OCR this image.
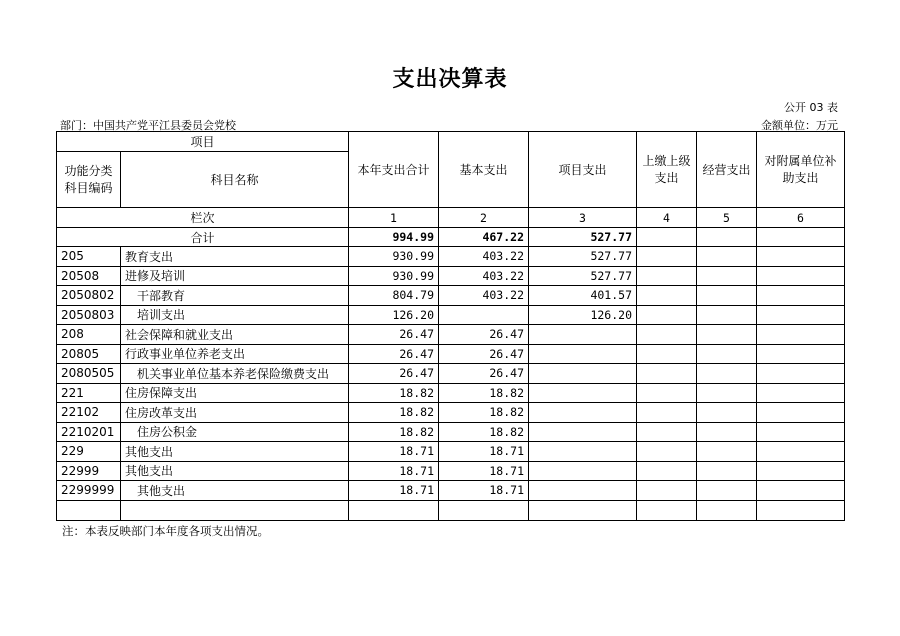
支出决算表
公开 03 表
部门：中国共产党平江县委员会党校	金额单位：万元
项目		本年支出合计	基本支出	项目支出	上缴上级支出	经营支出	对附属单位补助支出
功能分类科目编码	科目名称						
栏次		1	2	3	4	5	6
合计		994.99	467.22	527.77			
205	教育支出	930.99	403.22	527.77			
20508	进修及培训	930.99	403.22	527.77			
2050802	干部教育	804.79	403.22	401.57			
2050803	培训支出	126.20		126.20			
208	社会保障和就业支出	26.47	26.47				
20805	行政事业单位养老支出	26.47	26.47				
2080505	机关事业单位基本养老保险缴费支出	26.47	26.47				
221	住房保障支出	18.82	18.82				
22102	住房改革支出	18.82	18.82				
2210201	住房公积金	18.82	18.82				
229	其他支出	18.71	18.71				
22999	其他支出	18.71	18.71				
2299999	其他支出	18.71	18.71				

注：本表反映部门本年度各项支出情况。
